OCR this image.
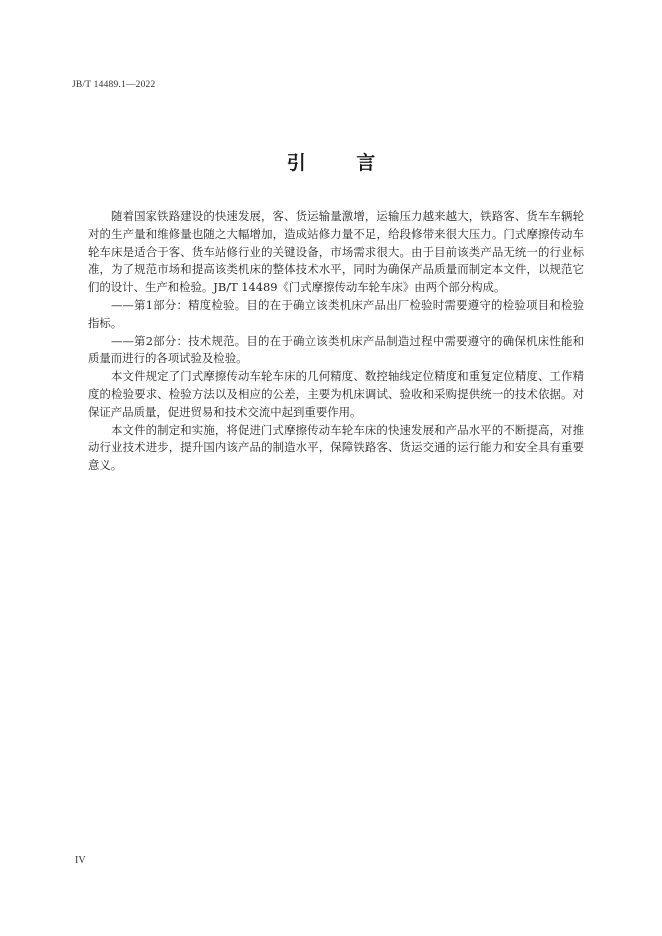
JB/T 14489.1—2022
引 言

随着国家铁路建设的快速发展，客、货运输量激增，运输压力越来越大，铁路客、货车车辆轮对的生产量和维修量也随之大幅增加，造成站修力量不足，给段修带来很大压力。门式摩擦传动车轮车床是适合于客、货车站修行业的关键设备，市场需求很大。由于目前该类产品无统一的行业标准，为了规范市场和提高该类机床的整体技术水平，同时为确保产品质量而制定本文件，以规范它们的设计、生产和检验。JB/T 14489《门式摩擦传动车轮车床》由两个部分构成。

——第1部分：精度检验。目的在于确立该类机床产品出厂检验时需要遵守的检验项目和检验指标。

——第2部分：技术规范。目的在于确立该类机床产品制造过程中需要遵守的确保机床性能和质量而进行的各项试验及检验。

本文件规定了门式摩擦传动车轮车床的几何精度、数控轴线定位精度和重复定位精度、工作精度的检验要求、检验方法以及相应的公差，主要为机床调试、验收和采购提供统一的技术依据。对保证产品质量，促进贸易和技术交流中起到重要作用。

本文件的制定和实施，将促进门式摩擦传动车轮车床的快速发展和产品水平的不断提高，对推动行业技术进步，提升国内该产品的制造水平，保障铁路客、货运交通的运行能力和安全具有重要意义。

IV
